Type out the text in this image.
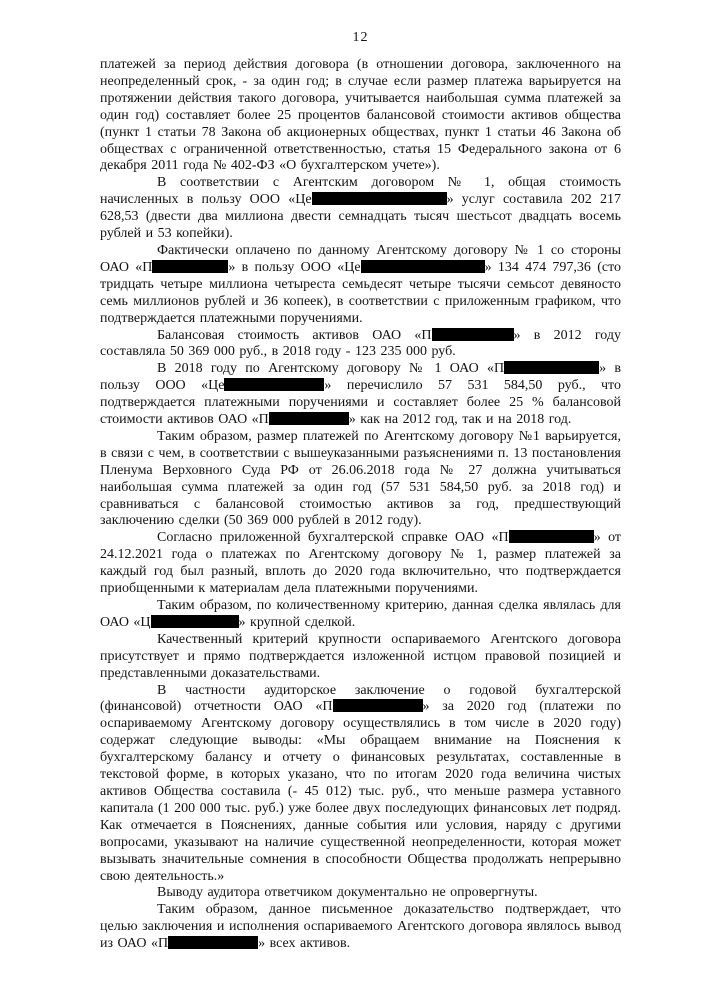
12

платежей за период действия договора (в отношении договора, заключенного на неопределенный срок, - за один год; в случае если размер платежа варьируется на протяжении действия такого договора, учитывается наибольшая сумма платежей за один год) составляет более 25 процентов балансовой стоимости активов общества (пункт 1 статьи 78 Закона об акционерных обществах, пункт 1 статьи 46 Закона об обществах с ограниченной ответственностью, статья 15 Федерального закона от 6 декабря 2011 года № 402-ФЗ «О бухгалтерском учете»).

В соответствии с Агентским договором № 1, общая стоимость начисленных в пользу ООО «Це	» услуг составила 202 217 628,53 (двести два миллиона двести семнадцать тысяч шестьсот двадцать восемь рублей и 53 копейки).

Фактически оплачено по данному Агентскому договору № 1 со стороны ОАО «П	» в пользу ООО «Це	» 134 474 797,36 (сто тридцать четыре миллиона четыреста семьдесят четыре тысячи семьсот девяносто семь миллионов рублей и 36 копеек), в соответствии с приложенным графиком, что подтверждается платежными поручениями.

Балансовая стоимость активов ОАО «П	» в 2012 году составляла 50 369 000 руб., в 2018 году - 123 235 000 руб.

В 2018 году по Агентскому договору № 1 ОАО «П	» в пользу ООО «Це	» перечислило 57 531 584,50 руб., что подтверждается платежными поручениями и составляет более 25 % балансовой стоимости активов ОАО «П	» как на 2012 год, так и на 2018 год.

Таким образом, размер платежей по Агентскому договору №1 варьируется, в связи с чем, в соответствии с вышеуказанными разъяснениями п. 13 постановления Пленума Верховного Суда РФ от 26.06.2018 года № 27 должна учитываться наибольшая сумма платежей за один год (57 531 584,50 руб. за 2018 год) и сравниваться с балансовой стоимостью активов за год, предшествующий заключению сделки (50 369 000 рублей в 2012 году).

Согласно приложенной бухгалтерской справке ОАО «П	» от 24.12.2021 года о платежах по Агентскому договору № 1, размер платежей за каждый год был разный, вплоть до 2020 года включительно, что подтверждается приобщенными к материалам дела платежными поручениями.

Таким образом, по количественному критерию, данная сделка являлась для ОАО «Ц	» крупной сделкой.

Качественный критерий крупности оспариваемого Агентского договора присутствует и прямо подтверждается изложенной истцом правовой позицией и представленными доказательствами.

В частности аудиторское заключение о годовой бухгалтерской (финансовой) отчетности ОАО «П	» за 2020 год (платежи по оспариваемому Агентскому договору осуществлялись в том числе в 2020 году) содержат следующие выводы: «Мы обращаем внимание на Пояснения к бухгалтерскому балансу и отчету о финансовых результатах, составленные в текстовой форме, в которых указано, что по итогам 2020 года величина чистых активов Общества составила (- 45 012) тыс. руб., что меньше размера уставного капитала (1 200 000 тыс. руб.) уже более двух последующих финансовых лет подряд. Как отмечается в Пояснениях, данные события или условия, наряду с другими вопросами, указывают на наличие существенной неопределенности, которая может вызывать значительные сомнения в способности Общества продолжать непрерывно свою деятельность.»

Выводу аудитора ответчиком документально не опровергнуты.

Таким образом, данное письменное доказательство подтверждает, что целью заключения и исполнения оспариваемого Агентского договора являлось вывод из ОАО «П	» всех активов.
